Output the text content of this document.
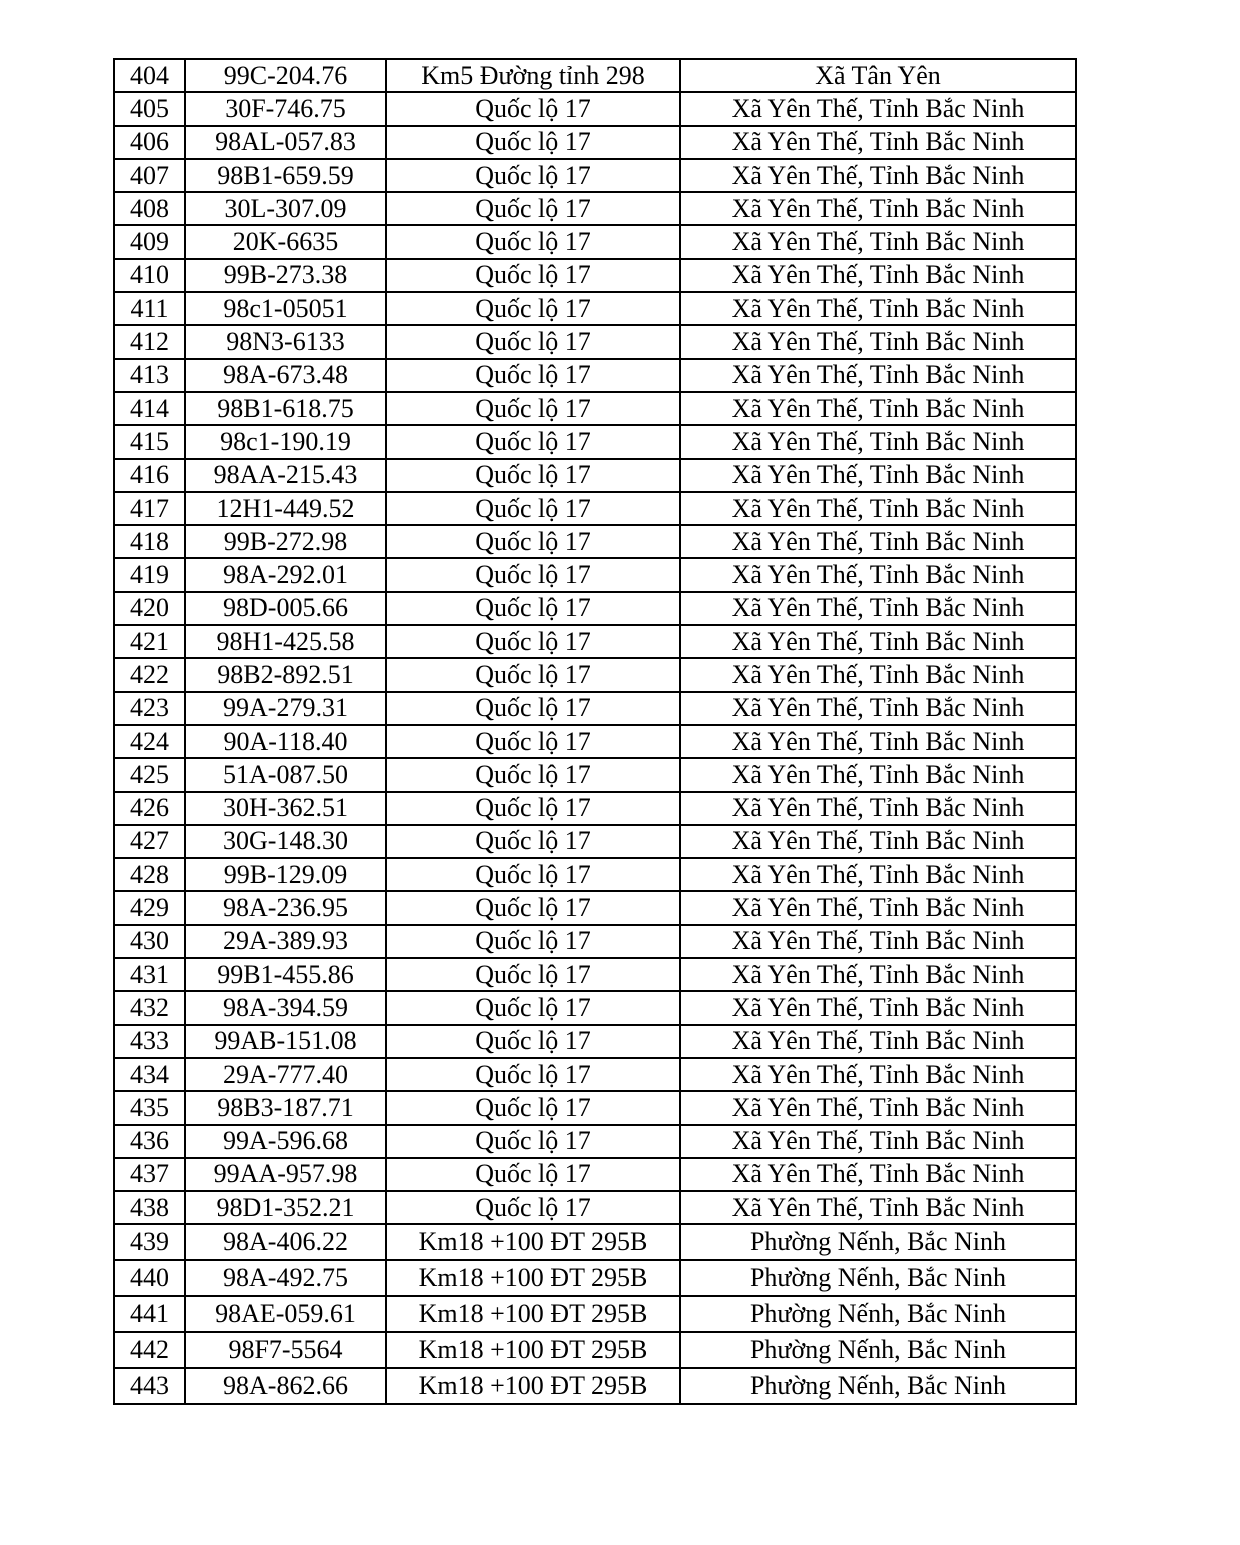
404	99C-204.76	Km5 Đường tỉnh 298	Xã Tân Yên
405	30F-746.75	Quốc lộ 17	Xã Yên Thế, Tỉnh Bắc Ninh
406	98AL-057.83	Quốc lộ 17	Xã Yên Thế, Tỉnh Bắc Ninh
407	98B1-659.59	Quốc lộ 17	Xã Yên Thế, Tỉnh Bắc Ninh
408	30L-307.09	Quốc lộ 17	Xã Yên Thế, Tỉnh Bắc Ninh
409	20K-6635	Quốc lộ 17	Xã Yên Thế, Tỉnh Bắc Ninh
410	99B-273.38	Quốc lộ 17	Xã Yên Thế, Tỉnh Bắc Ninh
411	98c1-05051	Quốc lộ 17	Xã Yên Thế, Tỉnh Bắc Ninh
412	98N3-6133	Quốc lộ 17	Xã Yên Thế, Tỉnh Bắc Ninh
413	98A-673.48	Quốc lộ 17	Xã Yên Thế, Tỉnh Bắc Ninh
414	98B1-618.75	Quốc lộ 17	Xã Yên Thế, Tỉnh Bắc Ninh
415	98c1-190.19	Quốc lộ 17	Xã Yên Thế, Tỉnh Bắc Ninh
416	98AA-215.43	Quốc lộ 17	Xã Yên Thế, Tỉnh Bắc Ninh
417	12H1-449.52	Quốc lộ 17	Xã Yên Thế, Tỉnh Bắc Ninh
418	99B-272.98	Quốc lộ 17	Xã Yên Thế, Tỉnh Bắc Ninh
419	98A-292.01	Quốc lộ 17	Xã Yên Thế, Tỉnh Bắc Ninh
420	98D-005.66	Quốc lộ 17	Xã Yên Thế, Tỉnh Bắc Ninh
421	98H1-425.58	Quốc lộ 17	Xã Yên Thế, Tỉnh Bắc Ninh
422	98B2-892.51	Quốc lộ 17	Xã Yên Thế, Tỉnh Bắc Ninh
423	99A-279.31	Quốc lộ 17	Xã Yên Thế, Tỉnh Bắc Ninh
424	90A-118.40	Quốc lộ 17	Xã Yên Thế, Tỉnh Bắc Ninh
425	51A-087.50	Quốc lộ 17	Xã Yên Thế, Tỉnh Bắc Ninh
426	30H-362.51	Quốc lộ 17	Xã Yên Thế, Tỉnh Bắc Ninh
427	30G-148.30	Quốc lộ 17	Xã Yên Thế, Tỉnh Bắc Ninh
428	99B-129.09	Quốc lộ 17	Xã Yên Thế, Tỉnh Bắc Ninh
429	98A-236.95	Quốc lộ 17	Xã Yên Thế, Tỉnh Bắc Ninh
430	29A-389.93	Quốc lộ 17	Xã Yên Thế, Tỉnh Bắc Ninh
431	99B1-455.86	Quốc lộ 17	Xã Yên Thế, Tỉnh Bắc Ninh
432	98A-394.59	Quốc lộ 17	Xã Yên Thế, Tỉnh Bắc Ninh
433	99AB-151.08	Quốc lộ 17	Xã Yên Thế, Tỉnh Bắc Ninh
434	29A-777.40	Quốc lộ 17	Xã Yên Thế, Tỉnh Bắc Ninh
435	98B3-187.71	Quốc lộ 17	Xã Yên Thế, Tỉnh Bắc Ninh
436	99A-596.68	Quốc lộ 17	Xã Yên Thế, Tỉnh Bắc Ninh
437	99AA-957.98	Quốc lộ 17	Xã Yên Thế, Tỉnh Bắc Ninh
438	98D1-352.21	Quốc lộ 17	Xã Yên Thế, Tỉnh Bắc Ninh
439	98A-406.22	Km18 +100 ĐT 295B	Phường Nếnh, Bắc Ninh
440	98A-492.75	Km18 +100 ĐT 295B	Phường Nếnh, Bắc Ninh
441	98AE-059.61	Km18 +100 ĐT 295B	Phường Nếnh, Bắc Ninh
442	98F7-5564	Km18 +100 ĐT 295B	Phường Nếnh, Bắc Ninh
443	98A-862.66	Km18 +100 ĐT 295B	Phường Nếnh, Bắc Ninh
